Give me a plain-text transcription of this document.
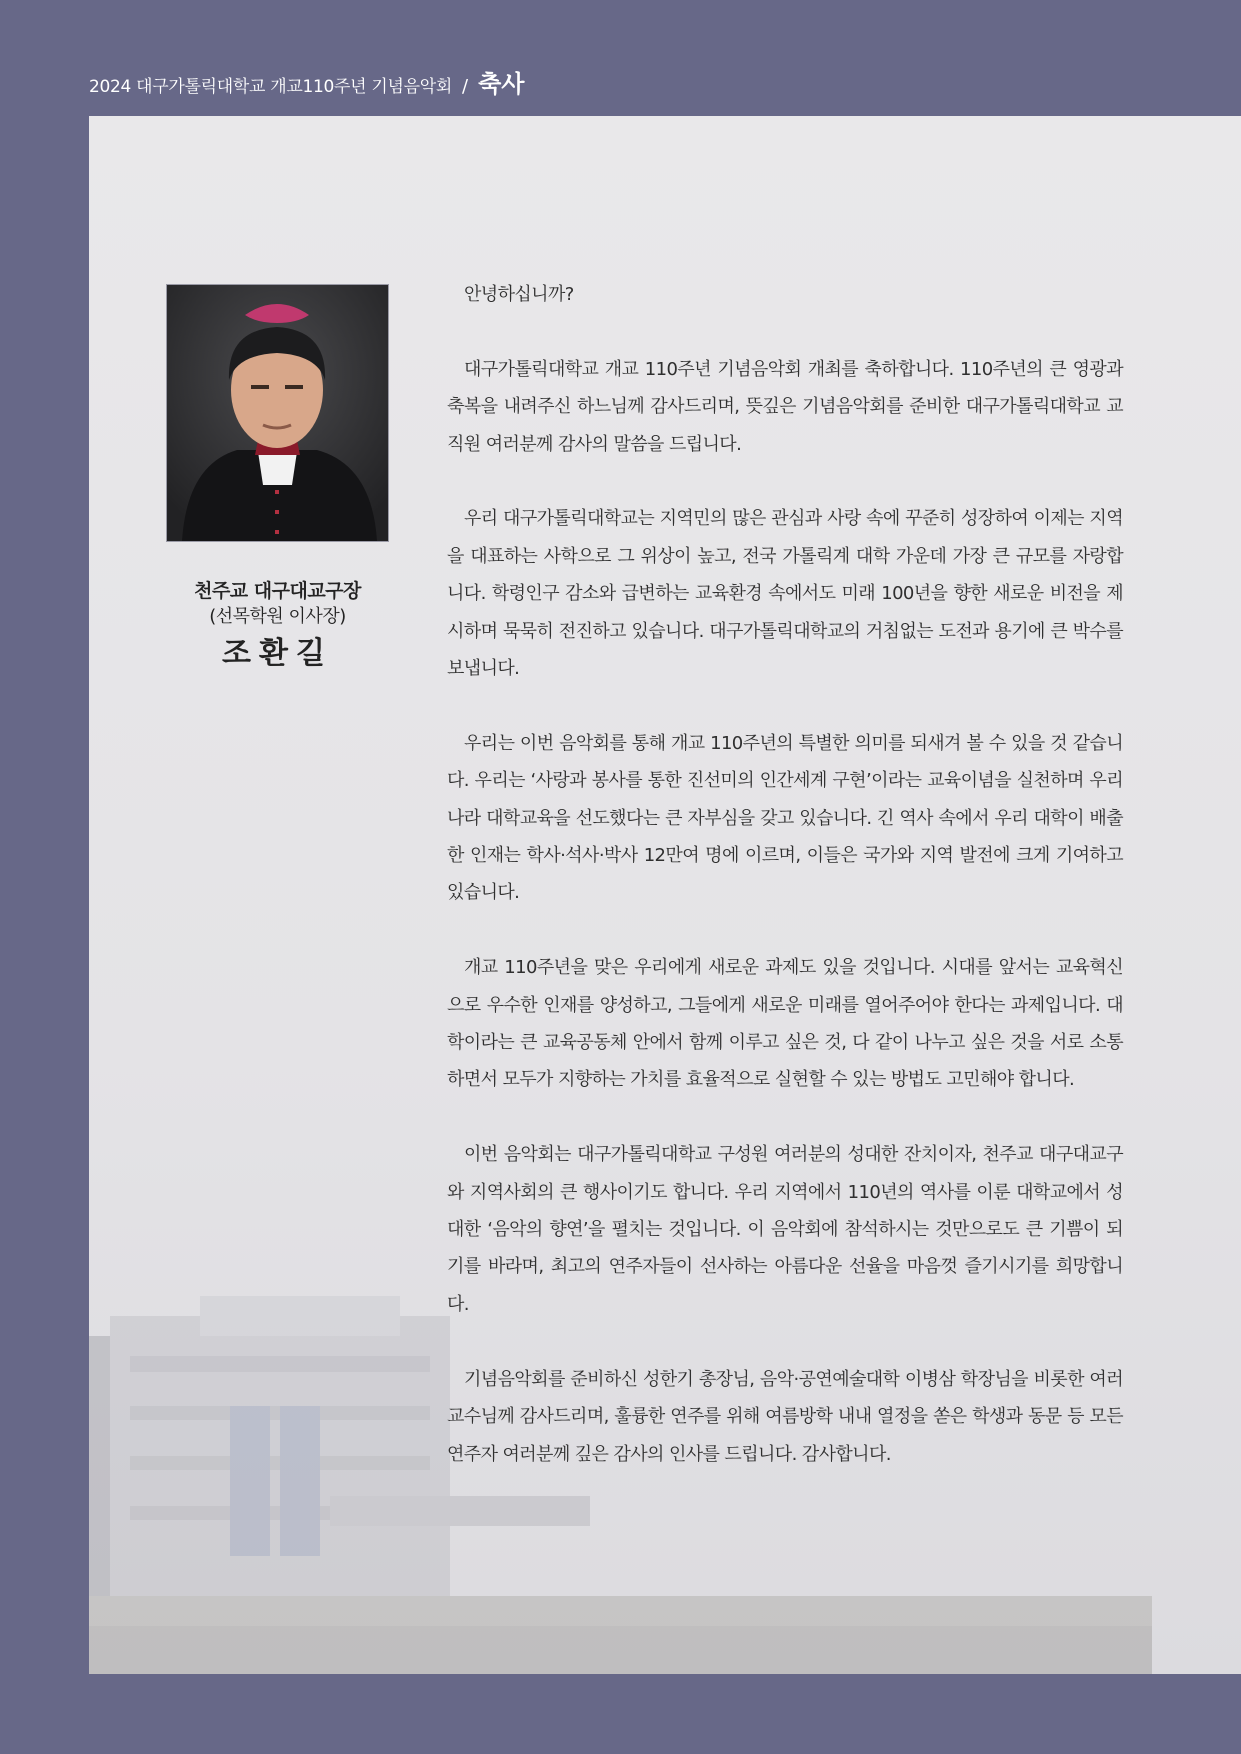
2024 대구가톨릭대학교 개교110주년 기념음악회 / 축사
천주교 대구대교구장
(선목학원 이사장)
조환길

안녕하십니까?

대구가톨릭대학교 개교 110주년 기념음악회 개최를 축하합니다. 110주년의 큰 영광과 축복을 내려주신 하느님께 감사드리며, 뜻깊은 기념음악회를 준비한 대구가톨릭대학교 교직원 여러분께 감사의 말씀을 드립니다.

우리 대구가톨릭대학교는 지역민의 많은 관심과 사랑 속에 꾸준히 성장하여 이제는 지역을 대표하는 사학으로 그 위상이 높고, 전국 가톨릭계 대학 가운데 가장 큰 규모를 자랑합니다. 학령인구 감소와 급변하는 교육환경 속에서도 미래 100년을 향한 새로운 비전을 제시하며 묵묵히 전진하고 있습니다. 대구가톨릭대학교의 거침없는 도전과 용기에 큰 박수를 보냅니다.

우리는 이번 음악회를 통해 개교 110주년의 특별한 의미를 되새겨 볼 수 있을 것 같습니다. 우리는 ‘사랑과 봉사를 통한 진선미의 인간세계 구현’이라는 교육이념을 실천하며 우리나라 대학교육을 선도했다는 큰 자부심을 갖고 있습니다. 긴 역사 속에서 우리 대학이 배출한 인재는 학사·석사·박사 12만여 명에 이르며, 이들은 국가와 지역 발전에 크게 기여하고 있습니다.

개교 110주년을 맞은 우리에게 새로운 과제도 있을 것입니다. 시대를 앞서는 교육혁신으로 우수한 인재를 양성하고, 그들에게 새로운 미래를 열어주어야 한다는 과제입니다. 대학이라는 큰 교육공동체 안에서 함께 이루고 싶은 것, 다 같이 나누고 싶은 것을 서로 소통하면서 모두가 지향하는 가치를 효율적으로 실현할 수 있는 방법도 고민해야 합니다.

이번 음악회는 대구가톨릭대학교 구성원 여러분의 성대한 잔치이자, 천주교 대구대교구와 지역사회의 큰 행사이기도 합니다. 우리 지역에서 110년의 역사를 이룬 대학교에서 성대한 ‘음악의 향연’을 펼치는 것입니다. 이 음악회에 참석하시는 것만으로도 큰 기쁨이 되기를 바라며, 최고의 연주자들이 선사하는 아름다운 선율을 마음껏 즐기시기를 희망합니다.

기념음악회를 준비하신 성한기 총장님, 음악·공연예술대학 이병삼 학장님을 비롯한 여러 교수님께 감사드리며, 훌륭한 연주를 위해 여름방학 내내 열정을 쏟은 학생과 동문 등 모든 연주자 여러분께 깊은 감사의 인사를 드립니다. 감사합니다.
